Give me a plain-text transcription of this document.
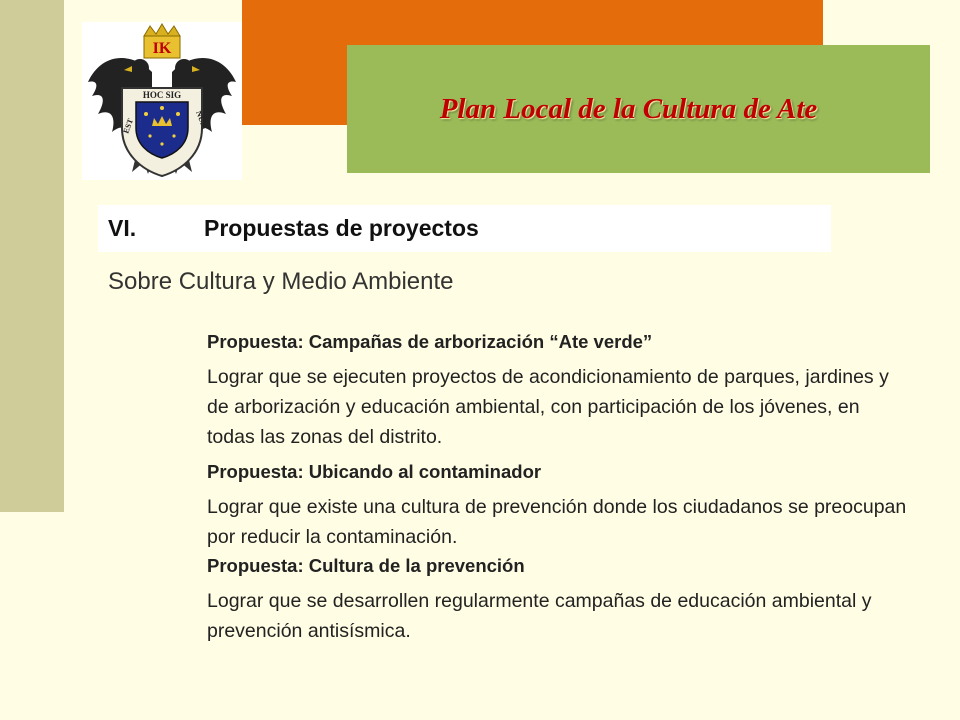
IK
HOC SIG
EST	NUM	Plan Local de la Cultura de Ate
VI.	Propuestas de proyectos
Sobre Cultura y Medio Ambiente
Propuesta: Campañas de arborización “Ate verde”
Lograr que se ejecuten proyectos de acondicionamiento de parques, jardines y de arborización y educación ambiental, con participación de los jóvenes, en todas las zonas del distrito.
Propuesta: Ubicando al contaminador
Lograr que existe una cultura de prevención donde los ciudadanos se preocupan por reducir la contaminación.
Propuesta: Cultura de la prevención
Lograr que se desarrollen regularmente campañas de educación ambiental y prevención antisísmica.
